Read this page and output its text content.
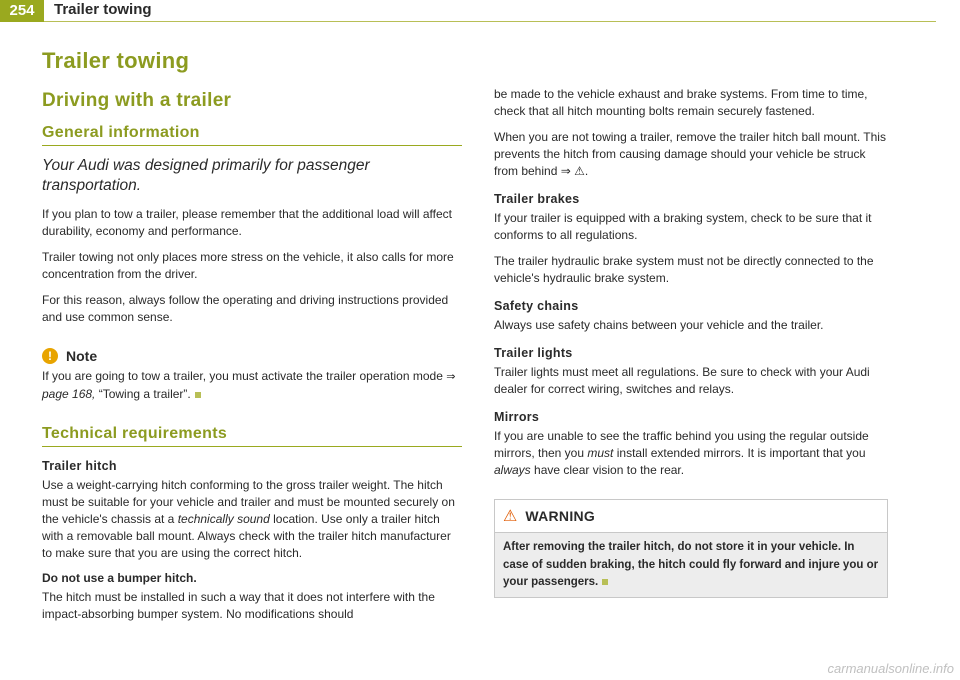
254	Trailer towing
Trailer towing
Driving with a trailer
General information
Your Audi was designed primarily for passenger transportation.

If you plan to tow a trailer, please remember that the additional load will affect durability, economy and performance.

Trailer towing not only places more stress on the vehicle, it also calls for more concentration from the driver.

For this reason, always follow the operating and driving instructions provided and use common sense.

!	Note

If you are going to tow a trailer, you must activate the trailer operation mode ⇒ page 168, “Towing a trailer”.

Technical requirements
Trailer hitch

Use a weight-carrying hitch conforming to the gross trailer weight. The hitch must be suitable for your vehicle and trailer and must be mounted securely on the vehicle's chassis at a technically sound location. Use only a trailer hitch with a removable ball mount. Always check with the trailer hitch manufacturer to make sure that you are using the correct hitch.

Do not use a bumper hitch.

The hitch must be installed in such a way that it does not interfere with the impact-absorbing bumper system. No modifications should

be made to the vehicle exhaust and brake systems. From time to time, check that all hitch mounting bolts remain securely fastened.

When you are not towing a trailer, remove the trailer hitch ball mount. This prevents the hitch from causing damage should your vehicle be struck from behind ⇒ ⚠.

Trailer brakes

If your trailer is equipped with a braking system, check to be sure that it conforms to all regulations.

The trailer hydraulic brake system must not be directly connected to the vehicle's hydraulic brake system.

Safety chains

Always use safety chains between your vehicle and the trailer.

Trailer lights

Trailer lights must meet all regulations. Be sure to check with your Audi dealer for correct wiring, switches and relays.

Mirrors

If you are unable to see the traffic behind you using the regular outside mirrors, then you must install extended mirrors. It is important that you always have clear vision to the rear.

⚠ WARNING
After removing the trailer hitch, do not store it in your vehicle. In case of sudden braking, the hitch could fly forward and injure you or your passengers.
carmanualsonline.info
